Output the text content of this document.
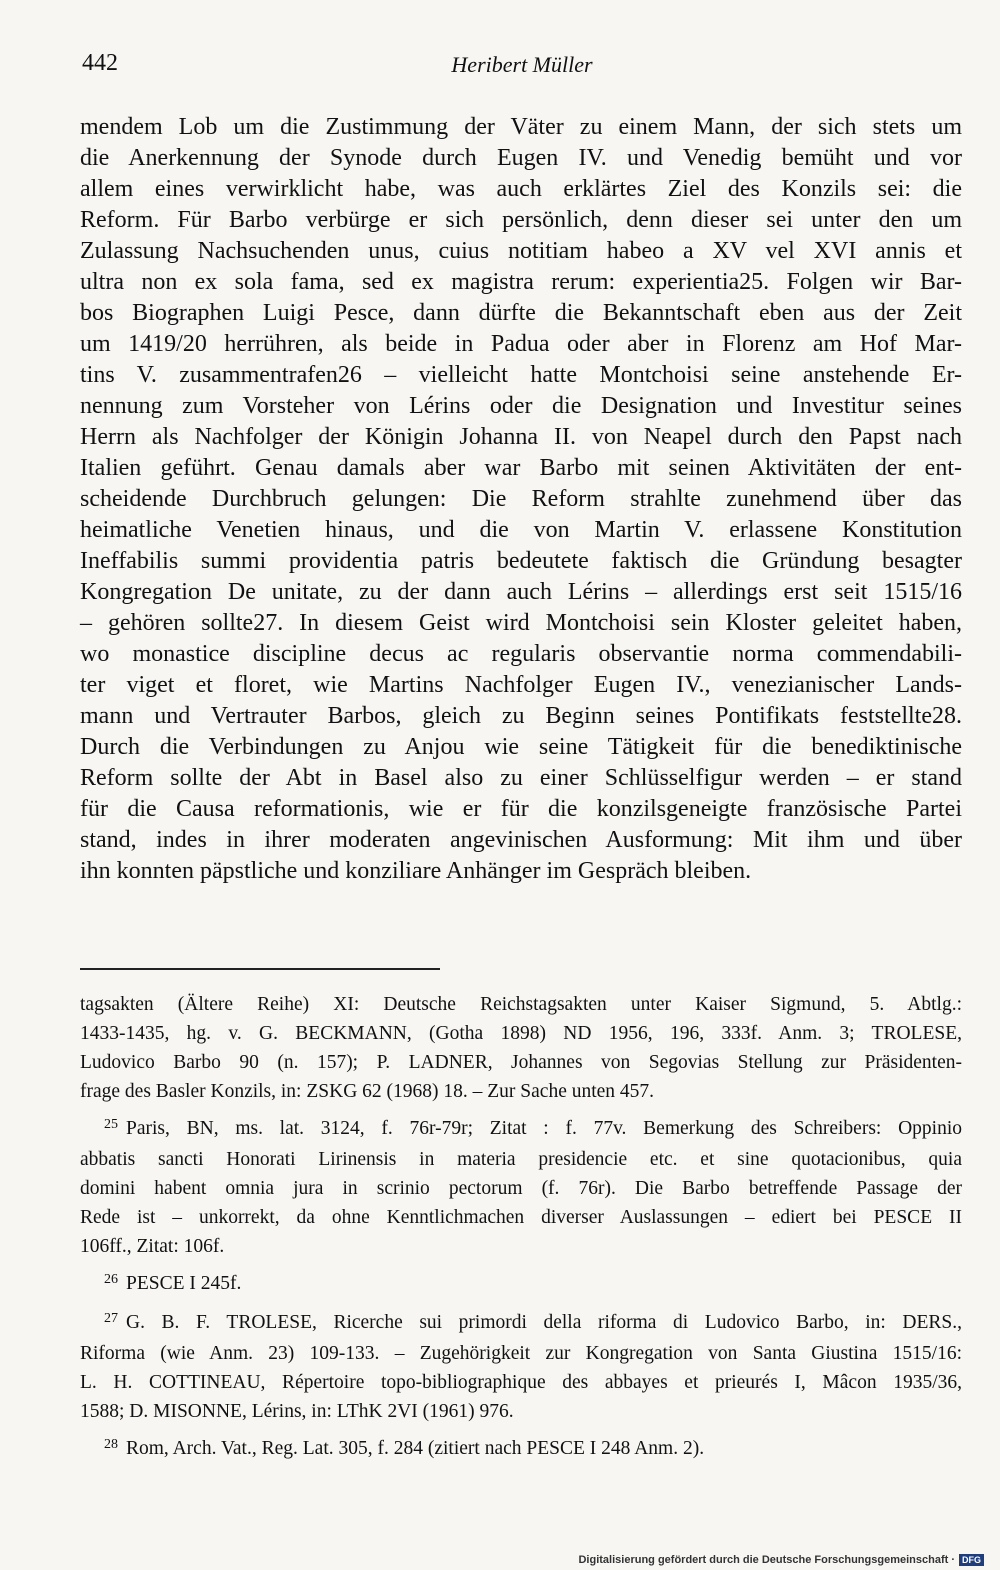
442	Heribert Müller
mendem Lob um die Zustimmung der Väter zu einem Mann, der sich stets um
die Anerkennung der Synode durch Eugen IV. und Venedig bemüht und vor
allem eines verwirklicht habe, was auch erklärtes Ziel des Konzils sei: die
Reform. Für Barbo verbürge er sich persönlich, denn dieser sei unter den um
Zulassung Nachsuchenden unus, cuius notitiam habeo a XV vel XVI annis et
ultra non ex sola fama, sed ex magistra rerum: experientia25. Folgen wir Bar-
bos Biographen Luigi Pesce, dann dürfte die Bekanntschaft eben aus der Zeit
um 1419/20 herrühren, als beide in Padua oder aber in Florenz am Hof Mar-
tins V. zusammentrafen26 – vielleicht hatte Montchoisi seine anstehende Er-
nennung zum Vorsteher von Lérins oder die Designation und Investitur seines
Herrn als Nachfolger der Königin Johanna II. von Neapel durch den Papst nach
Italien geführt. Genau damals aber war Barbo mit seinen Aktivitäten der ent-
scheidende Durchbruch gelungen: Die Reform strahlte zunehmend über das
heimatliche Venetien hinaus, und die von Martin V. erlassene Konstitution
Ineffabilis summi providentia patris bedeutete faktisch die Gründung besagter
Kongregation De unitate, zu der dann auch Lérins – allerdings erst seit 1515/16
– gehören sollte27. In diesem Geist wird Montchoisi sein Kloster geleitet haben,
wo monastice discipline decus ac regularis observantie norma commendabili-
ter viget et floret, wie Martins Nachfolger Eugen IV., venezianischer Lands-
mann und Vertrauter Barbos, gleich zu Beginn seines Pontifikats feststellte28.
Durch die Verbindungen zu Anjou wie seine Tätigkeit für die benediktinische
Reform sollte der Abt in Basel also zu einer Schlüsselfigur werden – er stand
für die Causa reformationis, wie er für die konzilsgeneigte französische Partei
stand, indes in ihrer moderaten angevinischen Ausformung: Mit ihm und über
ihn konnten päpstliche und konziliare Anhänger im Gespräch bleiben.
tagsakten (Ältere Reihe) XI: Deutsche Reichstagsakten unter Kaiser Sigmund, 5. Abtlg.:
1433-1435, hg. v. G. BECKMANN, (Gotha 1898) ND 1956, 196, 333f. Anm. 3; TROLESE,
Ludovico Barbo 90 (n. 157); P. LADNER, Johannes von Segovias Stellung zur Präsidenten-
frage des Basler Konzils, in: ZSKG 62 (1968) 18. – Zur Sache unten 457.
$^{25}$ Paris, BN, ms. lat. 3124, f. 76r-79r; Zitat : f. 77v. Bemerkung des Schreibers: Oppinio
abbatis sancti Honorati Lirinensis in materia presidencie etc. et sine quotacionibus, quia
domini habent omnia jura in scrinio pectorum (f. 76r). Die Barbo betreffende Passage der
Rede ist – unkorrekt, da ohne Kenntlichmachen diverser Auslassungen – ediert bei PESCE II
106ff., Zitat: 106f.
$^{26}$ PESCE I 245f.
$^{27}$ G. B. F. TROLESE, Ricerche sui primordi della riforma di Ludovico Barbo, in: DERS.,
Riforma (wie Anm. 23) 109-133. – Zugehörigkeit zur Kongregation von Santa Giustina 1515/16:
L. H. COTTINEAU, Répertoire topo-bibliographique des abbayes et prieurés I, Mâcon 1935/36,
1588; D. MISONNE, Lérins, in: LThK 2VI (1961) 976.
$^{28}$ Rom, Arch. Vat., Reg. Lat. 305, f. 284 (zitiert nach PESCE I 248 Anm. 2).
Digitalisierung gefördert durch die Deutsche Forschungsgemeinschaft · DFG
